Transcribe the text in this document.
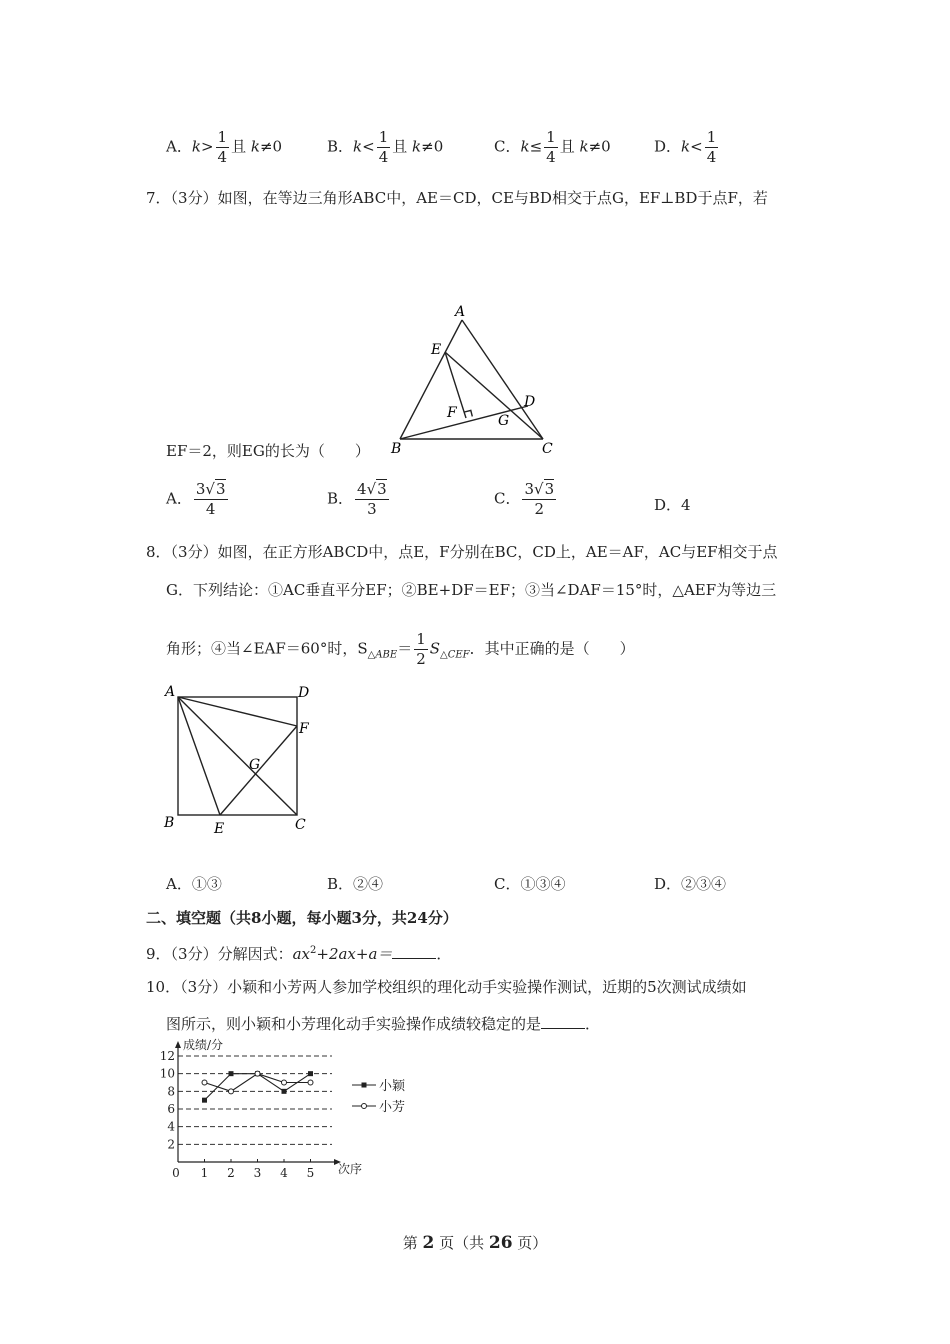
A．$k> \frac{1}{4}$ 且 k≠0	B．$k< \frac{1}{4}$ 且 k≠0	C．$k\le \frac{1}{4}$ 且 k≠0	D．$k< \frac{1}{4}$
7．（3分）如图，在等边三角形ABC中，AE＝CD，CE与BD相交于点G，EF⊥BD于点F，若
A
E
D
F	G
B	C
EF＝2，则EG的长为（　　）
A． $\frac{3√3}{4}$	B． $\frac{4√3}{3}$	C． $\frac{3√3}{2}$	D．4
8．（3分）如图，在正方形ABCD中，点E，F分别在BC，CD上，AE＝AF，AC与EF相交于点
G．下列结论：①AC垂直平分EF；②BE+DF＝EF；③当∠DAF＝15°时，△AEF为等边三
角形；④当∠EAF＝60°时，$S_{\triangle ABE}= \frac{1}{2} S_{\triangle CEF}$．其中正确的是（　　）
A	D
F
G
B	E	C
A．①③	B．②④	C．①③④	D．②③④
二、填空题（共8小题，每小题3分，共24分）
9．（3分）分解因式：$ax^2+2ax+a=$	．
10．（3分）小颖和小芳两人参加学校组织的理化动手实验操作测试，近期的5次测试成绩如
图所示，则小颖和小芳理化动手实验操作成绩较稳定的是	．
2
4
6
8
10
12
成绩/分
次序
0 1 2 3 4 5
小颖
小芳
第 2 页（共 26 页）
